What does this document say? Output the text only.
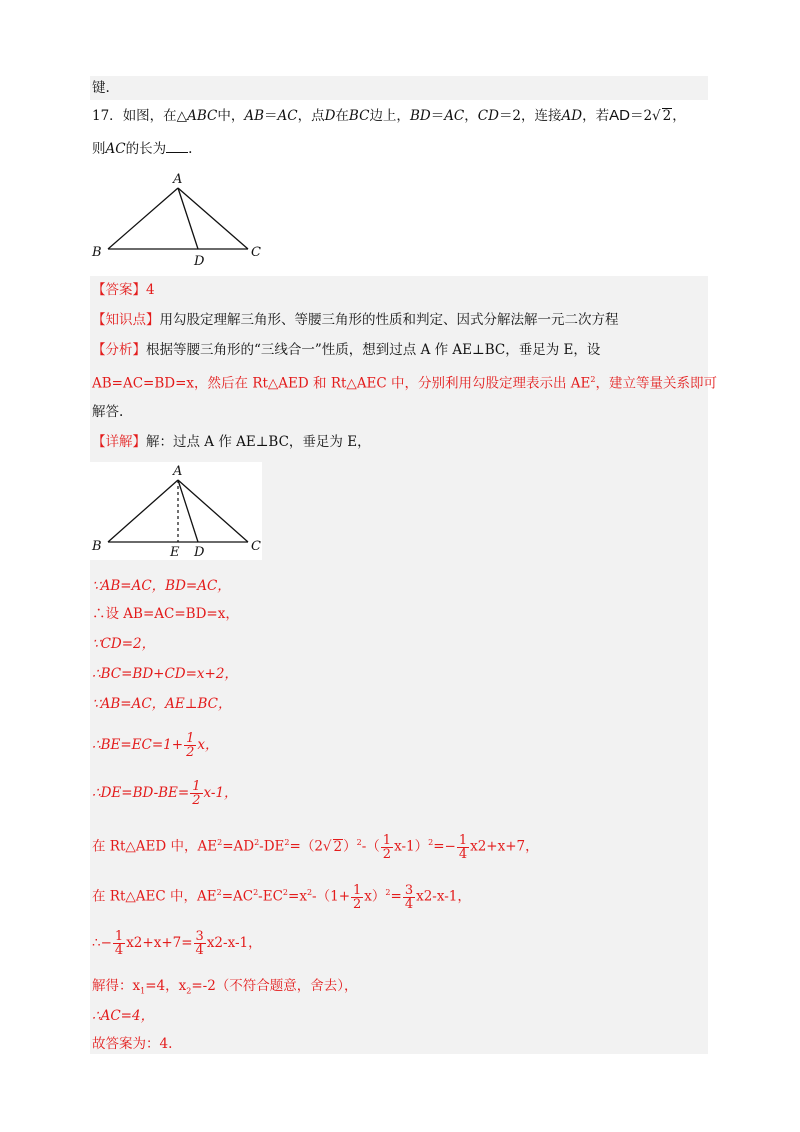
键.
17．如图，在△ABC中，AB＝AC，点D在BC边上，BD＝AC，CD＝2，连接AD，若AD＝2√ 2，
则AC的长为 .
A
B	C
D
【答案】4
【知识点】用勾股定理解三角形、等腰三角形的性质和判定、因式分解法解一元二次方程
【分析】根据等腰三角形的“三线合一”性质，想到过点 A 作 AE⊥BC，垂足为 E，设
AB=AC=BD=x，然后在 Rt△AED 和 Rt△AEC 中，分别利用勾股定理表示出 $AE^2$，建立等量关系即可
解答.
【详解】解：过点 A 作 AE⊥BC，垂足为 E，
A
B	C
E D
∵AB=AC，BD=AC，
∴设 AB=AC=BD=x，
∵CD=2，
∴BC=BD+CD=x+2，
∵AB=AC，AE⊥BC，
∴BE=EC=1+ $\frac{1}{2}$ x，
∴DE=BD-BE= $\frac{1}{2} x-1$，
在 Rt△AED 中，$AE^2=AD^2-DE^2=(2√$ $2)^2-( \frac{1}{2} x-1)^2=- \frac{1}{4} x2+x+7$，
在 Rt△AEC 中，$AE^2=AC^2-EC^2=x^2-(1+ \frac{1}{2} x)^2= \frac{3}{4} x2-x-1$，
∴− $\frac{1}{4} x2+x+7= \frac{3}{4} x2-x-1$，
解得：$x_1=4$，$x_2=-2$（不符合题意，舍去），
∴AC=4，
故答案为：4.
